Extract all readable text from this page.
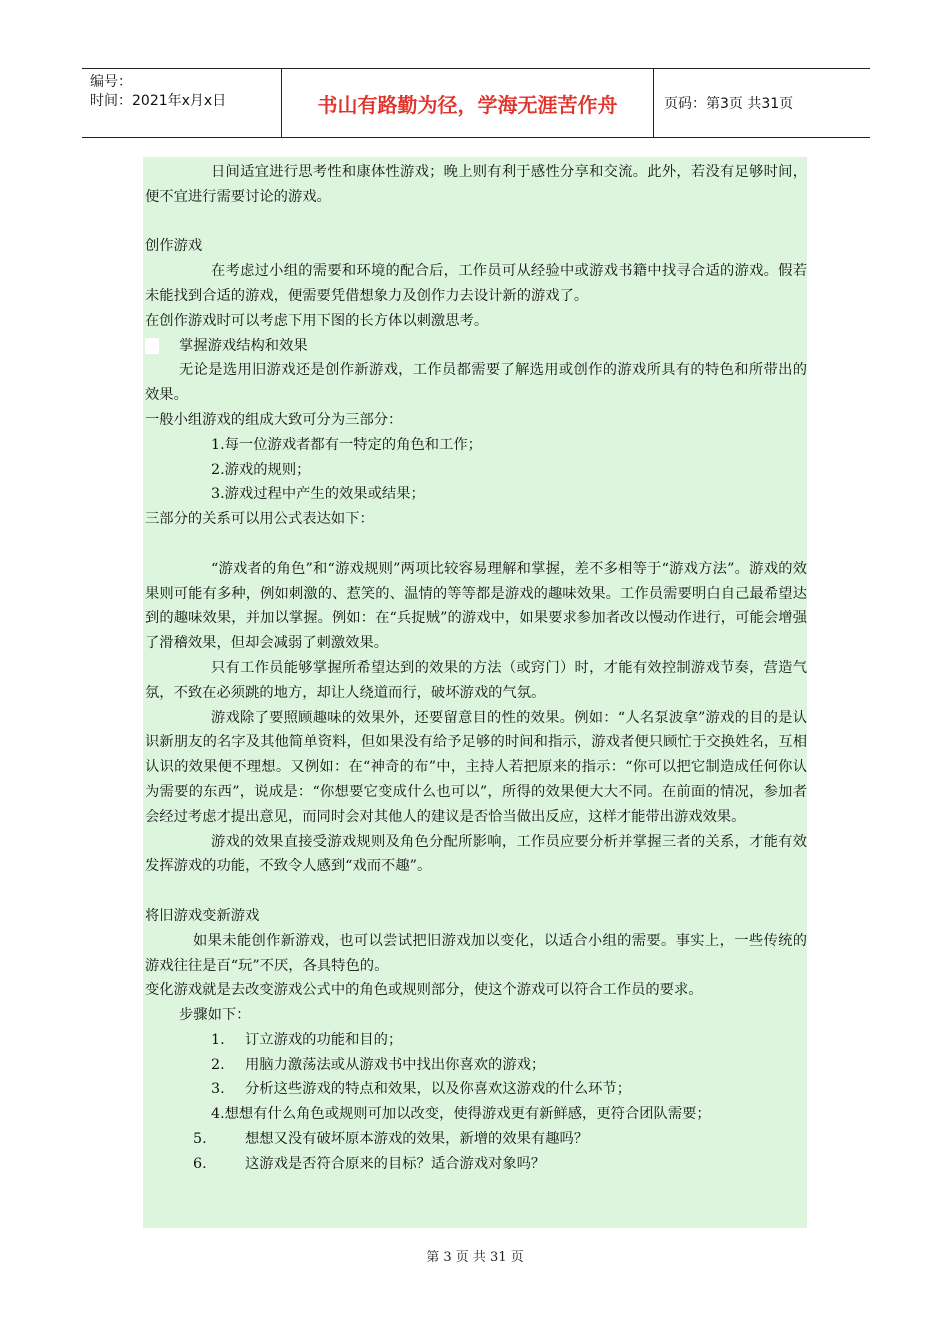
编号：
时间：2021年x月x日	书山有路勤为径，学海无涯苦作舟	页码：第3页 共31页

日间适宜进行思考性和康体性游戏；晚上则有利于感性分享和交流。此外，若没有足够时间，便不宜进行需要讨论的游戏。

创作游戏

在考虑过小组的需要和环境的配合后，工作员可从经验中或游戏书籍中找寻合适的游戏。假若未能找到合适的游戏，便需要凭借想象力及创作力去设计新的游戏了。

在创作游戏时可以考虑下用下图的长方体以刺激思考。

掌握游戏结构和效果

无论是选用旧游戏还是创作新游戏，工作员都需要了解选用或创作的游戏所具有的特色和所带出的效果。

一般小组游戏的组成大致可分为三部分：

1.每一位游戏者都有一特定的角色和工作；

2.游戏的规则；

3.游戏过程中产生的效果或结果；

三部分的关系可以用公式表达如下：

“游戏者的角色”和“游戏规则”两项比较容易理解和掌握，差不多相等于“游戏方法”。游戏的效果则可能有多种，例如刺激的、惹笑的、温情的等等都是游戏的趣味效果。工作员需要明白自己最希望达到的趣味效果，并加以掌握。例如：在“兵捉贼”的游戏中，如果要求参加者改以慢动作进行，可能会增强了滑稽效果，但却会减弱了刺激效果。

只有工作员能够掌握所希望达到的效果的方法（或窍门）时，才能有效控制游戏节奏，营造气氛，不致在必须跳的地方，却让人绕道而行，破坏游戏的气氛。

游戏除了要照顾趣味的效果外，还要留意目的性的效果。例如：“人名泵波拿”游戏的目的是认识新朋友的名字及其他简单资料，但如果没有给予足够的时间和指示，游戏者便只顾忙于交换姓名，互相认识的效果便不理想。又例如：在“神奇的布”中，主持人若把原来的指示：“你可以把它制造成任何你认为需要的东西”，说成是：“你想要它变成什么也可以”，所得的效果便大大不同。在前面的情况，参加者会经过考虑才提出意见，而同时会对其他人的建议是否恰当做出反应，这样才能带出游戏效果。

游戏的效果直接受游戏规则及角色分配所影响，工作员应要分析并掌握三者的关系，才能有效发挥游戏的功能，不致令人感到“戏而不趣”。

将旧游戏变新游戏

如果未能创作新游戏，也可以尝试把旧游戏加以变化，以适合小组的需要。事实上，一些传统的游戏往往是百“玩”不厌，各具特色的。

变化游戏就是去改变游戏公式中的角色或规则部分，使这个游戏可以符合工作员的要求。

步骤如下：

1. 订立游戏的功能和目的；

2. 用脑力激荡法或从游戏书中找出你喜欢的游戏；

3. 分析这些游戏的特点和效果，以及你喜欢这游戏的什么环节；

4.想想有什么角色或规则可加以改变，使得游戏更有新鲜感，更符合团队需要；

5.	想想又没有破坏原本游戏的效果，新增的效果有趣吗？

6.	这游戏是否符合原来的目标？适合游戏对象吗？

第 3 页 共 31 页
